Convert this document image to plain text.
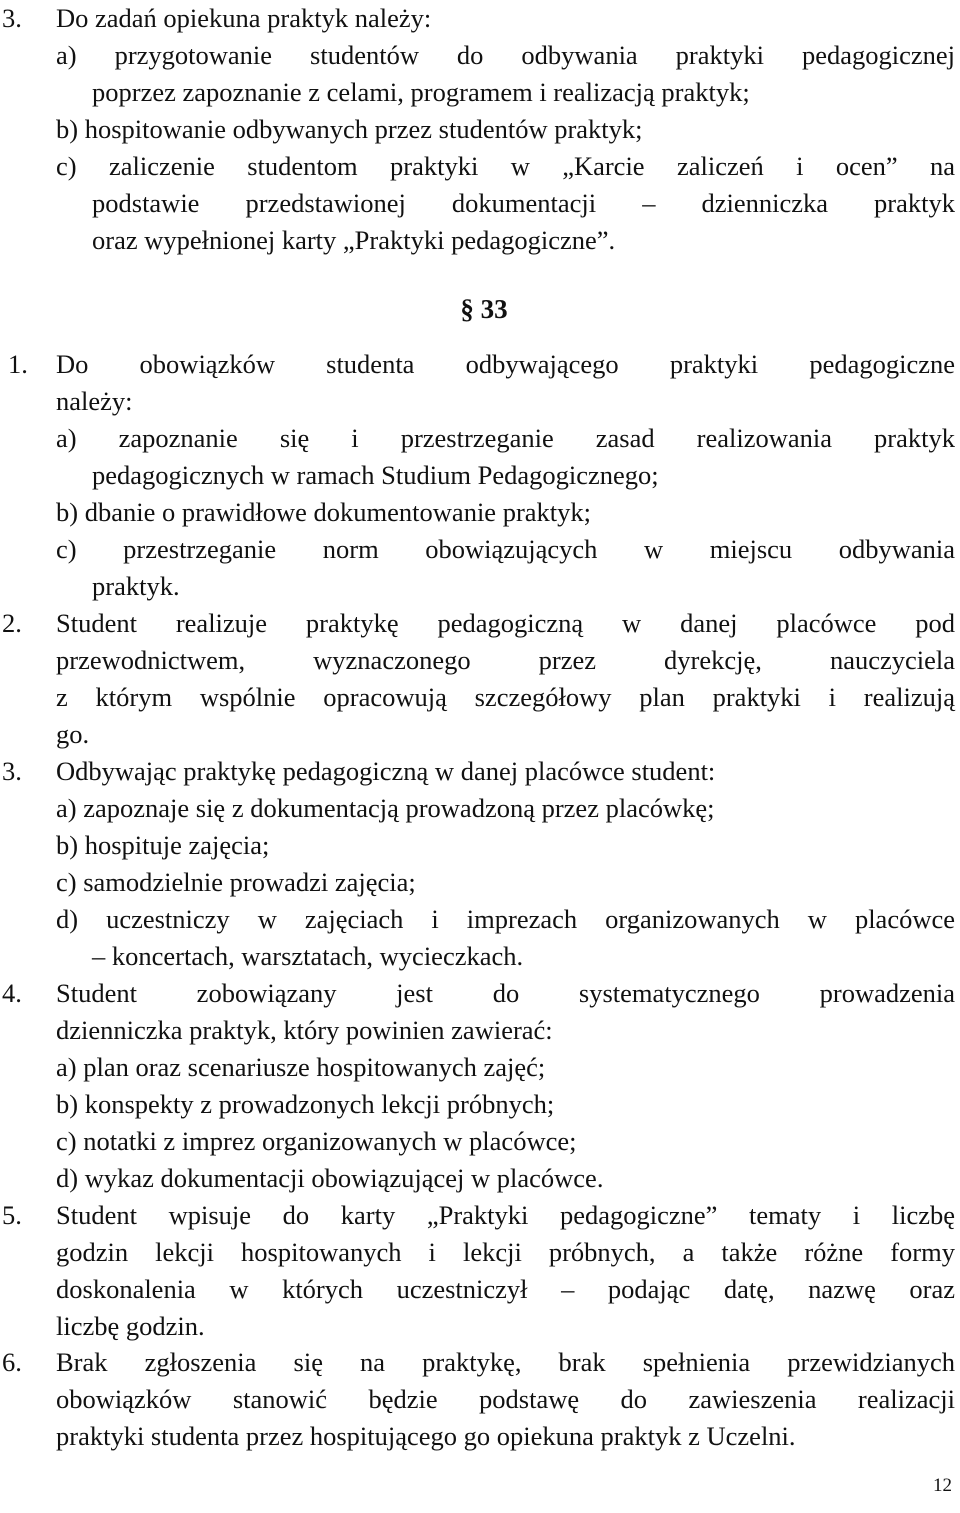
3. Do zadań opiekuna praktyk należy:
a) przygotowanie studentów do odbywania praktyki pedagogicznej
poprzez zapoznanie z celami, programem i realizacją praktyk;
b) hospitowanie odbywanych przez studentów praktyk;
c) zaliczenie studentom praktyki w „Karcie zaliczeń i ocen” na
podstawie przedstawionej dokumentacji – dzienniczka praktyk
oraz wypełnionej karty „Praktyki pedagogiczne”.
§ 33
1. Do obowiązków studenta odbywającego praktyki pedagogiczne
należy:
a) zapoznanie się i przestrzeganie zasad realizowania praktyk
pedagogicznych w ramach Studium Pedagogicznego;
b) dbanie o prawidłowe dokumentowanie praktyk;
c) przestrzeganie norm obowiązujących w miejscu odbywania
praktyk.
2. Student realizuje praktykę pedagogiczną w danej placówce pod
przewodnictwem, wyznaczonego przez dyrekcję, nauczyciela
z którym wspólnie opracowują szczegółowy plan praktyki i realizują
go.
3. Odbywając praktykę pedagogiczną w danej placówce student:
a) zapoznaje się z dokumentacją prowadzoną przez placówkę;
b) hospituje zajęcia;
c) samodzielnie prowadzi zajęcia;
d) uczestniczy w zajęciach i imprezach organizowanych w placówce
– koncertach, warsztatach, wycieczkach.
4. Student zobowiązany jest do systematycznego prowadzenia
dzienniczka praktyk, który powinien zawierać:
a) plan oraz scenariusze hospitowanych zajęć;
b) konspekty z prowadzonych lekcji próbnych;
c) notatki z imprez organizowanych w placówce;
d) wykaz dokumentacji obowiązującej w placówce.
5. Student wpisuje do karty „Praktyki pedagogiczne” tematy i liczbę
godzin lekcji hospitowanych i lekcji próbnych, a także różne formy
doskonalenia w których uczestniczył – podając datę, nazwę oraz
liczbę godzin.
6. Brak zgłoszenia się na praktykę, brak spełnienia przewidzianych
obowiązków stanowić będzie podstawę do zawieszenia realizacji
praktyki studenta przez hospitującego go opiekuna praktyk z Uczelni.
12
